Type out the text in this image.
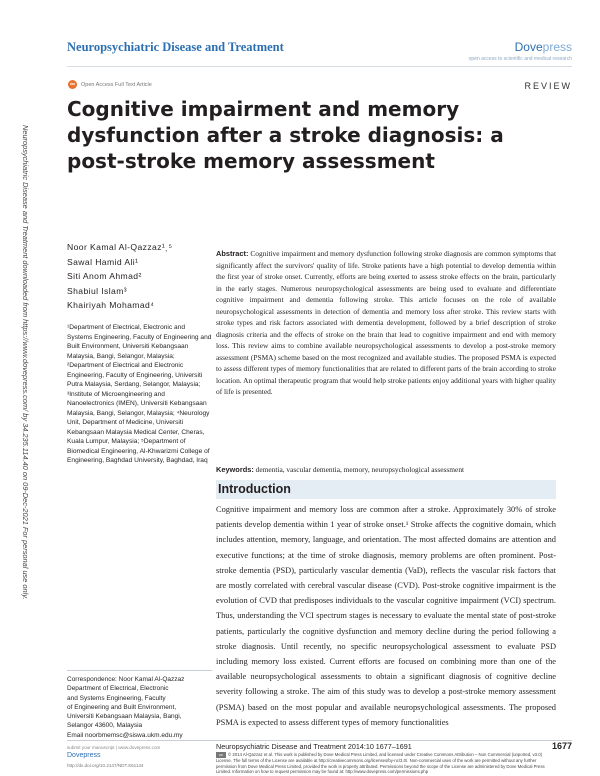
Neuropsychiatric Disease and Treatment	Dovepress
open access to scientific and medical research
∞	Open Access Full Text Article	REVIEW
Cognitive impairment and memory dysfunction after a stroke diagnosis: a post-stroke memory assessment
Neuropsychiatric Disease and Treatment downloaded from https://www.dovepress.com/ by 34.235.114.40 on 09-Dec-2021 For personal use only.	Noor Kamal Al-Qazzaz¹ˎ⁵
Sawal Hamid Ali¹
Siti Anom Ahmad²
Shabiul Islam³
Khairiyah Mohamad⁴
¹Department of Electrical, Electronic and Systems Engineering, Faculty of Engineering and Built Environment, Universiti Kebangsaan Malaysia, Bangi, Selangor, Malaysia; ²Department of Electrical and Electronic Engineering, Faculty of Engineering, Universiti Putra Malaysia, Serdang, Selangor, Malaysia; ³Institute of Microengineering and Nanoelectronics (IMEN), Universiti Kebangsaan Malaysia, Bangi, Selangor, Malaysia; ⁴Neurology Unit, Department of Medicine, Universiti Kebangsaan Malaysia Medical Center, Cheras, Kuala Lumpur, Malaysia; ⁵Department of Biomedical Engineering, Al-Khwarizmi College of Engineering, Baghdad University, Baghdad, Iraq
Abstract: Cognitive impairment and memory dysfunction following stroke diagnosis are common symptoms that significantly affect the survivors' quality of life. Stroke patients have a high potential to develop dementia within the first year of stroke onset. Currently, efforts are being exerted to assess stroke effects on the brain, particularly in the early stages. Numerous neuropsychological assessments are being used to evaluate and differentiate cognitive impairment and dementia following stroke. This article focuses on the role of available neuropsychological assessments in detection of dementia and memory loss after stroke. This review starts with stroke types and risk factors associated with dementia development, followed by a brief description of stroke diagnosis criteria and the effects of stroke on the brain that lead to cognitive impairment and end with memory loss. This review aims to combine available neuropsychological assessments to develop a post-stroke memory assessment (PSMA) scheme based on the most recognized and available studies. The proposed PSMA is expected to assess different types of memory functionalities that are related to different parts of the brain according to stroke location. An optimal therapeutic program that would help stroke patients enjoy additional years with higher quality of life is presented.
Keywords: dementia, vascular dementia, memory, neuropsychological assessment
Introduction

Cognitive impairment and memory loss are common after a stroke. Approximately 30% of stroke patients develop dementia within 1 year of stroke onset.¹ Stroke affects the cognitive domain, which includes attention, memory, language, and orientation. The most affected domains are attention and executive functions; at the time of stroke diagnosis, memory problems are often prominent. Post-stroke dementia (PSD), particularly vascular dementia (VaD), reflects the vascular risk factors that are mostly correlated with cerebral vascular disease (CVD). Post-stroke cognitive impairment is the evolution of CVD that predisposes individuals to the vascular cognitive impairment (VCI) spectrum. Thus, understanding the VCI spectrum stages is necessary to evaluate the mental state of post-stroke patients, particularly the cognitive dysfunction and memory decline during the period following a stroke diagnosis. Until recently, no specific neuropsychological assessment to evaluate PSD including memory loss existed. Current efforts are focused on combining more than one of the available neuropsychological assessments to obtain a significant diagnosis of cognitive decline severity following a stroke. The aim of this study was to develop a post-stroke memory assessment (PSMA) based on the most popular and available neuropsychological assessments. The proposed PSMA is expected to assess different types of memory functionalities

Correspondence: Noor Kamal Al-Qazzaz
Department of Electrical, Electronic
and Systems Engineering, Faculty
of Engineering and Built Environment,
Universiti Kebangsaan Malaysia, Bangi,
Selangor 43600, Malaysia
Email noorbmemsc@siswa.ukm.edu.my
submit your manuscript | www.dovepress.com
Dovepress
http://dx.doi.org/10.2147/NDT.S61134
Neuropsychiatric Disease and Treatment 2014:10 1677–1691	1677
cc © 2014 Al-Qazzaz et al. This work is published by Dove Medical Press Limited, and licensed under Creative Commons Attribution – Non Commercial (unported, v3.0) License. The full terms of the License are available at http://creativecommons.org/licenses/by-nc/3.0/. Non-commercial uses of the work are permitted without any further permission from Dove Medical Press Limited, provided the work is properly attributed. Permissions beyond the scope of the License are administered by Dove Medical Press Limited. Information on how to request permission may be found at: http://www.dovepress.com/permissions.php
